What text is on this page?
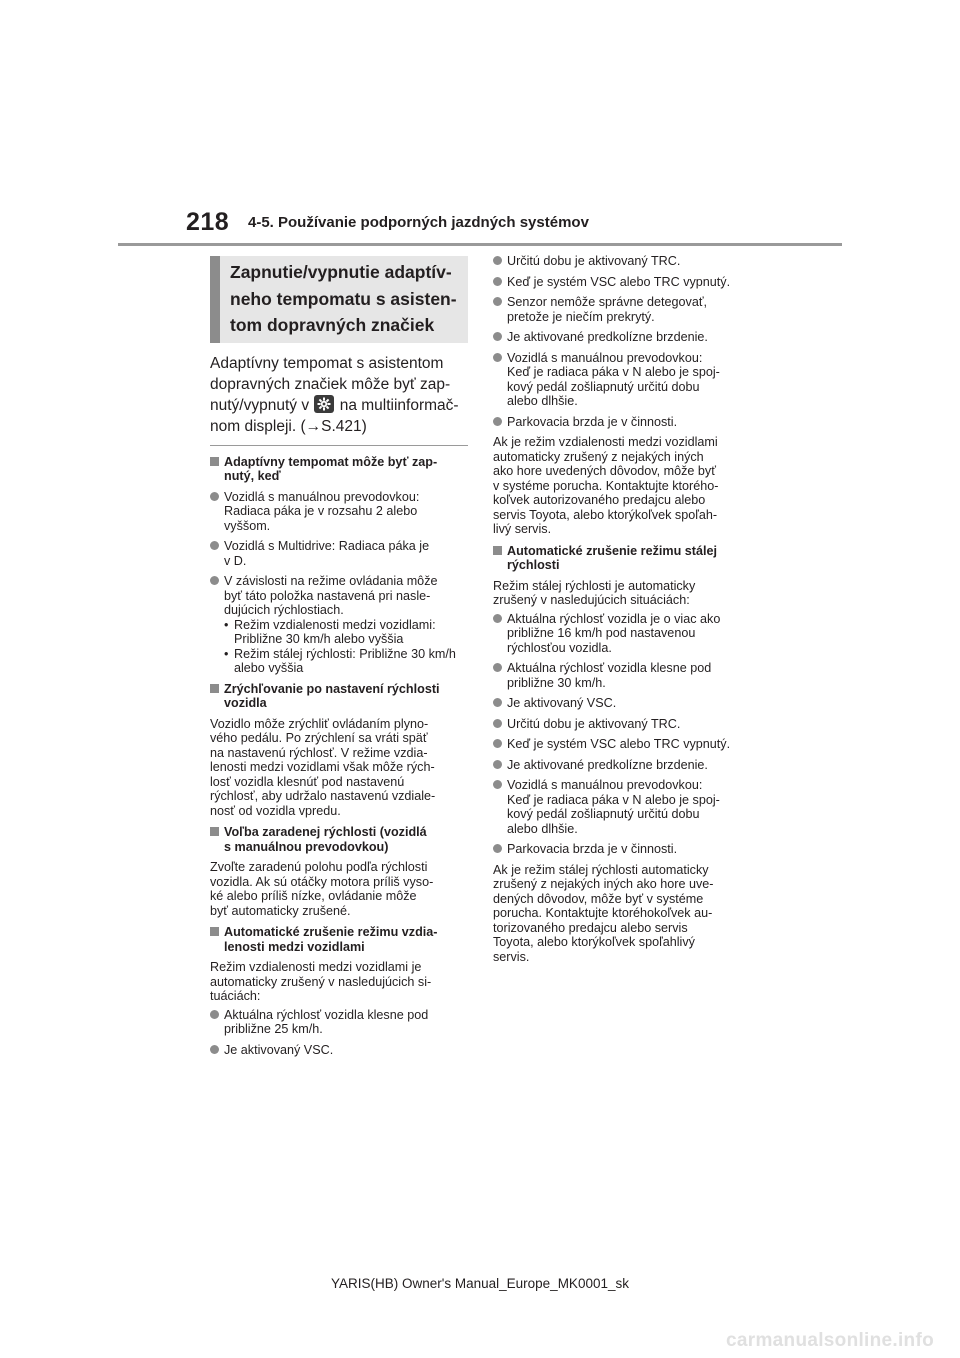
218 4-5. Používanie podporných jazdných systémov
Zapnutie/vypnutie adaptív-
neho tempomatu s asisten-
tom dopravných značiek
Adaptívny tempomat s asistentom
dopravných značiek môže byť zap-
nutý/vypnutý v na multiinformač-
nom displeji. (→S.421)
Adaptívny tempomat môže byť zap-
nutý, keď
Vozidlá s manuálnou prevodovkou:
Radiaca páka je v rozsahu 2 alebo
vyššom.
Vozidlá s Multidrive: Radiaca páka je
v D.
V závislosti na režime ovládania môže
byť táto položka nastavená pri nasle-
dujúcich rýchlostiach.
• Režim vzdialenosti medzi vozidlami:
Približne 30 km/h alebo vyššia
• Režim stálej rýchlosti: Približne 30 km/h
alebo vyššia
Zrýchľovanie po nastavení rýchlosti
vozidla
Vozidlo môže zrýchliť ovládaním plyno-
vého pedálu. Po zrýchlení sa vráti späť
na nastavenú rýchlosť. V režime vzdia-
lenosti medzi vozidlami však môže rých-
losť vozidla klesnúť pod nastavenú
rýchlosť, aby udržalo nastavenú vzdiale-
nosť od vozidla vpredu.
Voľba zaradenej rýchlosti (vozidlá
s manuálnou prevodovkou)
Zvoľte zaradenú polohu podľa rýchlosti
vozidla. Ak sú otáčky motora príliš vyso-
ké alebo príliš nízke, ovládanie môže
byť automaticky zrušené.
Automatické zrušenie režimu vzdia-
lenosti medzi vozidlami
Režim vzdialenosti medzi vozidlami je
automaticky zrušený v nasledujúcich si-
tuáciách:
Aktuálna rýchlosť vozidla klesne pod
približne 25 km/h.
Je aktivovaný VSC.
Určitú dobu je aktivovaný TRC.
Keď je systém VSC alebo TRC vypnutý.
Senzor nemôže správne detegovať,
pretože je niečím prekrytý.
Je aktivované predkolízne brzdenie.
Vozidlá s manuálnou prevodovkou:
Keď je radiaca páka v N alebo je spoj-
kový pedál zošliapnutý určitú dobu
alebo dlhšie.
Parkovacia brzda je v činnosti.
Ak je režim vzdialenosti medzi vozidlami
automaticky zrušený z nejakých iných
ako hore uvedených dôvodov, môže byť
v systéme porucha. Kontaktujte ktorého-
koľvek autorizovaného predajcu alebo
servis Toyota, alebo ktorýkoľvek spoľah-
livý servis.
Automatické zrušenie režimu stálej
rýchlosti
Režim stálej rýchlosti je automaticky
zrušený v nasledujúcich situáciách:
Aktuálna rýchlosť vozidla je o viac ako
približne 16 km/h pod nastavenou
rýchlosťou vozidla.
Aktuálna rýchlosť vozidla klesne pod
približne 30 km/h.
Je aktivovaný VSC.
Určitú dobu je aktivovaný TRC.
Keď je systém VSC alebo TRC vypnutý.
Je aktivované predkolízne brzdenie.
Vozidlá s manuálnou prevodovkou:
Keď je radiaca páka v N alebo je spoj-
kový pedál zošliapnutý určitú dobu
alebo dlhšie.
Parkovacia brzda je v činnosti.
Ak je režim stálej rýchlosti automaticky
zrušený z nejakých iných ako hore uve-
dených dôvodov, môže byť v systéme
porucha. Kontaktujte ktoréhokoľvek au-
torizovaného predajcu alebo servis
Toyota, alebo ktorýkoľvek spoľahlivý
servis.
YARIS(HB) Owner's Manual_Europe_MK0001_sk
carmanualsonline.info
